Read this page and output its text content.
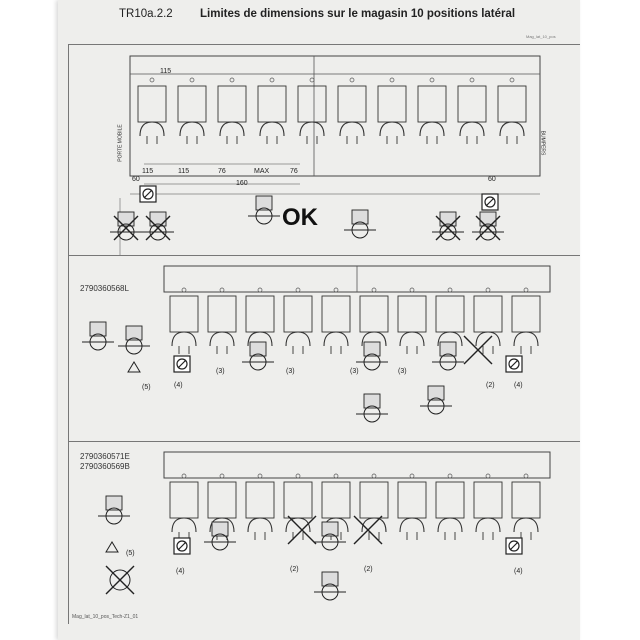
TR10a.2.2 Limites de dimensions sur le magasin 10 positions latéral
Mag_lat_10_pos
PORTE MOBILE	BUMPERS
115	115	76	MAX	76
160
60	60
115
OK
2790360568L
(4)
(3)	(3)	(3)	(3)
(2)	(4)
(5)
2790360571E
2790360569B
(4)	(2)	(2)	(4)
(5)
Mag_lat_10_pos_Tech-Z1_01
